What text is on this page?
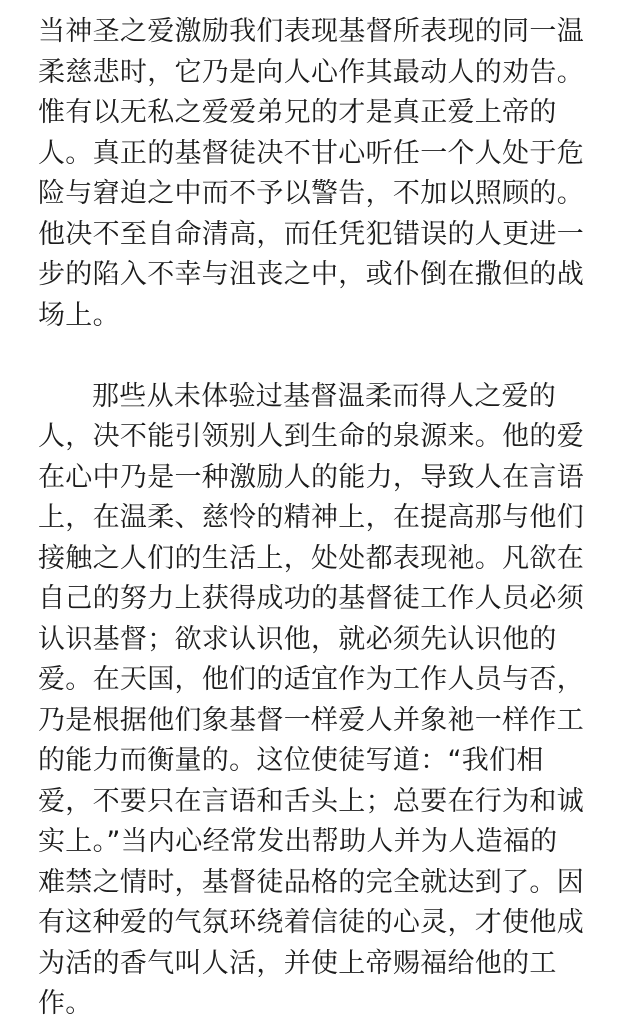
当神圣之爱激励我们表现基督所表现的同一温
柔慈悲时，它乃是向人心作其最动人的劝告。
惟有以无私之爱爱弟兄的才是真正爱上帝的
人。真正的基督徒决不甘心听任一个人处于危
险与窘迫之中而不予以警告，不加以照顾的。
他决不至自命清高，而任凭犯错误的人更进一
步的陷入不幸与沮丧之中，或仆倒在撒但的战
场上。
那些从未体验过基督温柔而得人之爱的
人，决不能引领别人到生命的泉源来。他的爱
在心中乃是一种激励人的能力，导致人在言语
上，在温柔、慈怜的精神上，在提高那与他们
接触之人们的生活上，处处都表现祂。凡欲在
自己的努力上获得成功的基督徒工作人员必须
认识基督；欲求认识他，就必须先认识他的
爱。在天国，他们的适宜作为工作人员与否，
乃是根据他们象基督一样爱人并象祂一样作工
的能力而衡量的。这位使徒写道：“我们相
爱，不要只在言语和舌头上；总要在行为和诚
实上。”当内心经常发出帮助人并为人造福的
难禁之情时，基督徒品格的完全就达到了。因
有这种爱的气氛环绕着信徒的心灵，才使他成
为活的香气叫人活，并使上帝赐福给他的工
作。
